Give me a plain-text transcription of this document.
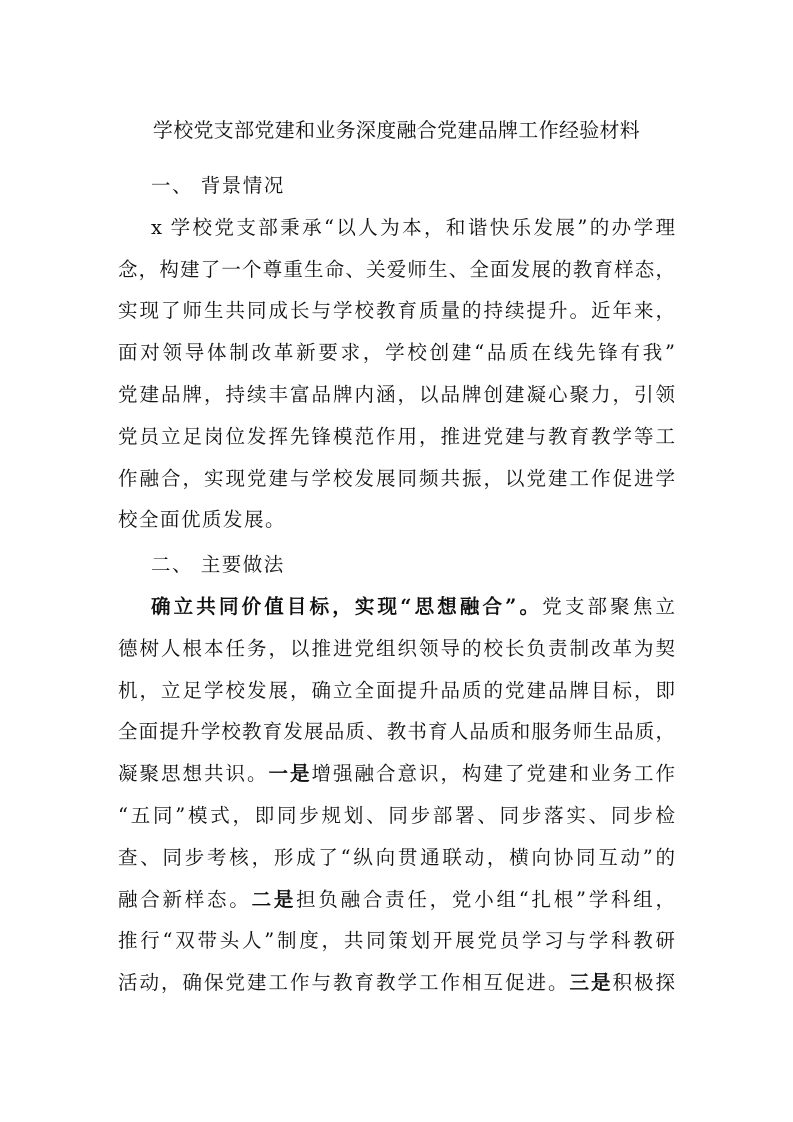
学校党支部党建和业务深度融合党建品牌工作经验材料
一、 背景情况
x 学校党支部秉承“以人为本，和谐快乐发展”的办学理
念，构建了一个尊重生命、关爱师生、全面发展的教育样态，
实现了师生共同成长与学校教育质量的持续提升。近年来，
面对领导体制改革新要求，学校创建“品质在线先锋有我”
党建品牌，持续丰富品牌内涵，以品牌创建凝心聚力，引领
党员立足岗位发挥先锋模范作用，推进党建与教育教学等工
作融合，实现党建与学校发展同频共振，以党建工作促进学
校全面优质发展。
二、 主要做法
确立共同价值目标，实现“思想融合”。党支部聚焦立
德树人根本任务，以推进党组织领导的校长负责制改革为契
机，立足学校发展，确立全面提升品质的党建品牌目标，即
全面提升学校教育发展品质、教书育人品质和服务师生品质，
凝聚思想共识。一是增强融合意识，构建了党建和业务工作
“五同”模式，即同步规划、同步部署、同步落实、同步检
查、同步考核，形成了“纵向贯通联动，横向协同互动”的
融合新样态。二是担负融合责任，党小组“扎根”学科组，
推行“双带头人”制度，共同策划开展党员学习与学科教研
活动，确保党建工作与教育教学工作相互促进。三是积极探
